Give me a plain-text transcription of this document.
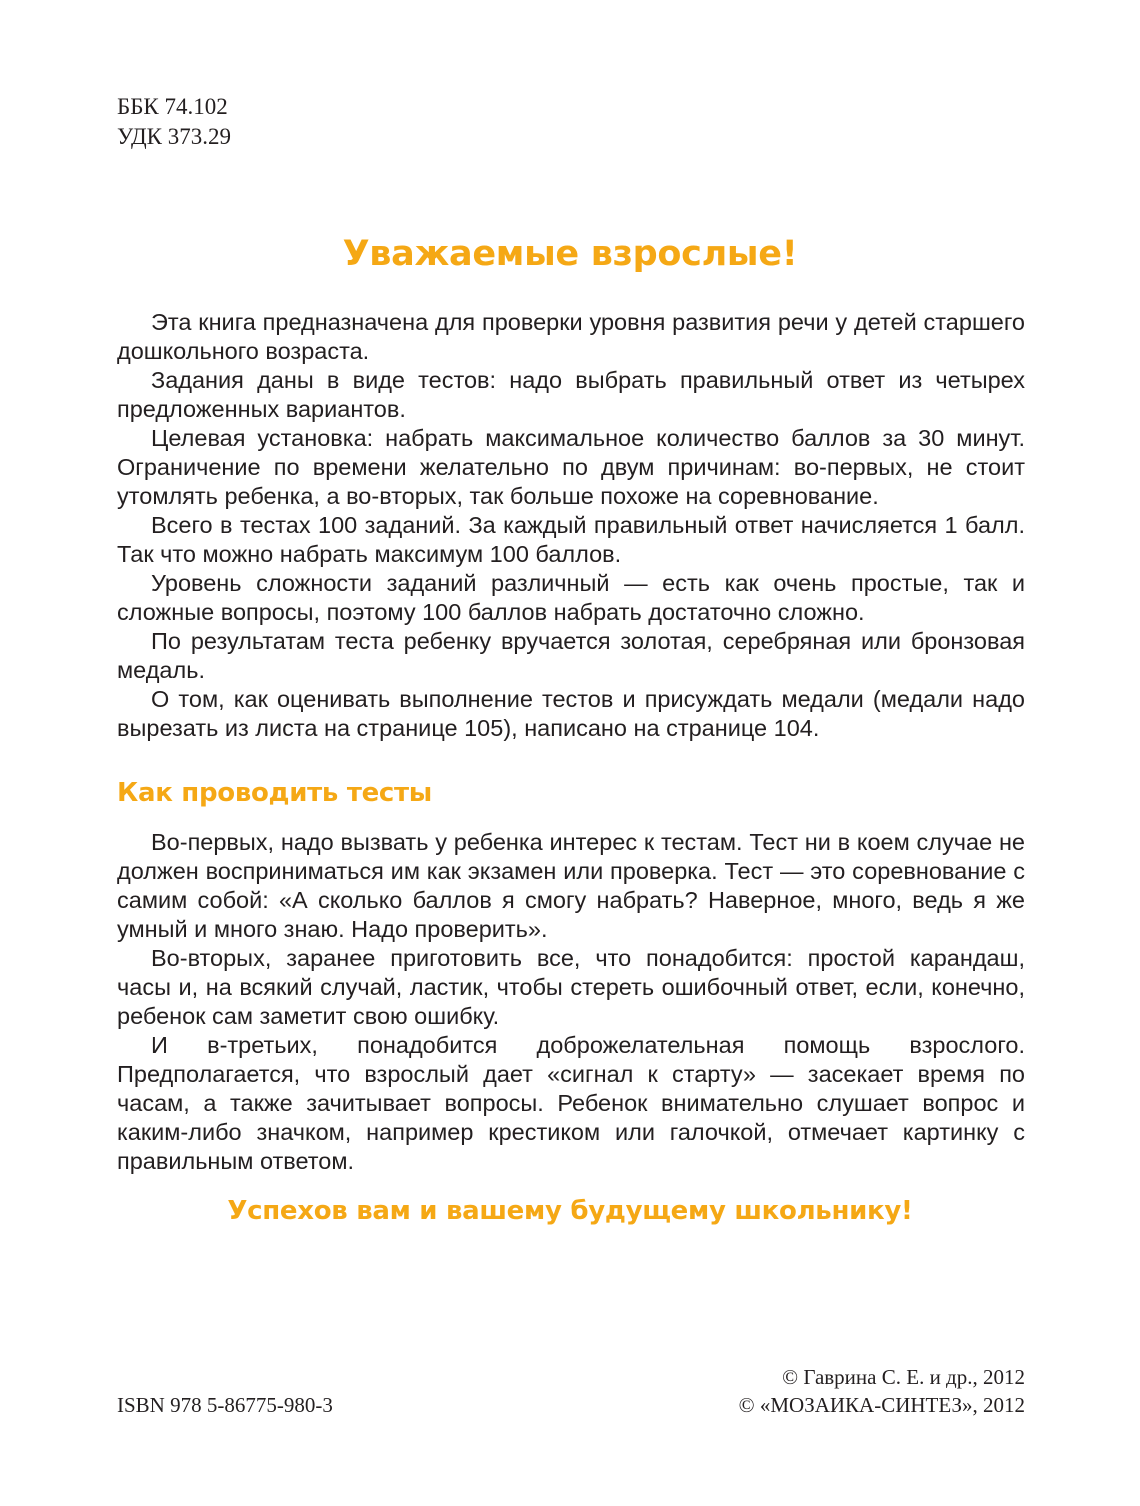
ББК 74.102
УДК 373.29
Уважаемые взрослые!

Эта книга предназначена для проверки уровня развития речи у детей старшего дошкольного возраста.

Задания даны в виде тестов: надо выбрать правильный ответ из четырех предложенных вариантов.

Целевая установка: набрать максимальное количество баллов за 30 минут. Ограничение по времени желательно по двум причинам: во-первых, не стоит утомлять ребенка, а во-вторых, так больше похоже на соревнование.

Всего в тестах 100 заданий. За каждый правильный ответ начисляется 1 балл. Так что можно набрать максимум 100 баллов.

Уровень сложности заданий различный — есть как очень простые, так и сложные вопросы, поэтому 100 баллов набрать достаточно сложно.

По результатам теста ребенку вручается золотая, серебряная или бронзовая медаль.

О том, как оценивать выполнение тестов и присуждать медали (медали надо вырезать из листа на странице 105), написано на странице 104.

Как проводить тесты

Во-первых, надо вызвать у ребенка интерес к тестам. Тест ни в коем случае не должен восприниматься им как экзамен или проверка. Тест — это соревнование с самим собой: «А сколько баллов я смогу набрать? Наверное, много, ведь я же умный и много знаю. Надо проверить».

Во-вторых, заранее приготовить все, что понадобится: простой карандаш, часы и, на всякий случай, ластик, чтобы стереть ошибочный ответ, если, конечно, ребенок сам заметит свою ошибку.

И в-третьих, понадобится доброжелательная помощь взрослого. Предполагается, что взрослый дает «сигнал к старту» — засекает время по часам, а также зачитывает вопросы. Ребенок внимательно слушает вопрос и каким-либо значком, например крестиком или галочкой, отмечает картинку с правильным ответом.

Успехов вам и вашему будущему школьнику!
ISBN 978 5-86775-980-3
© Гаврина С. Е. и др., 2012
© «МОЗАИКА-СИНТЕЗ», 2012
